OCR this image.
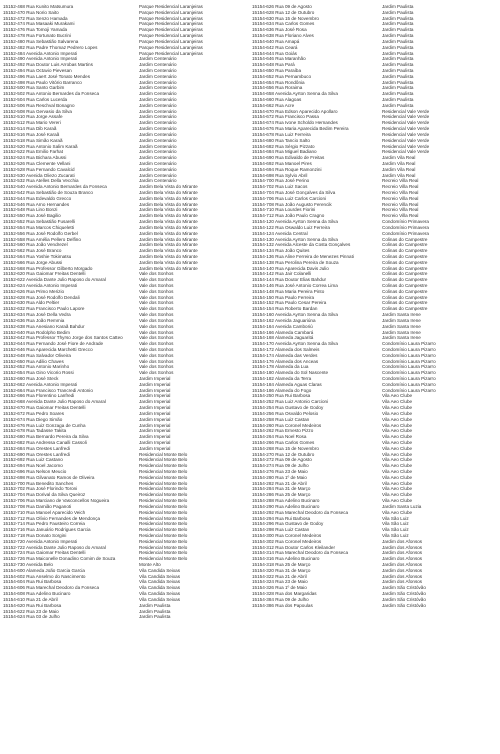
15152-468 Rua Kunito Matsumura	Parque Residencial Laranjeiras
15152-470 Rua Norio Saito	Parque Residencial Laranjeiras
15152-472 Rua Senzo Hamada	Parque Residencial Laranjeiras
15152-474 Rua Masaaki Murakami	Parque Residencial Laranjeiras
15152-476 Rua Tomoji Yamada	Parque Residencial Laranjeiras
15152-478 Rua Fortunato Bucrini	Parque Residencial Laranjeiras
15152-480 Rua Sebastião Salvarena	Parque Residencial Laranjeiras
15152-482 Rua Padre Thomaz Pedrero Lopes	Parque Residencial Laranjeiras
15152-484 Avenida Antonio Imperati	Parque Residencial Laranjeiras
15152-490 Avenida Antonio Imperati	Jardim Centenário
15152-492 Rua Doutor Luis Arrobas Martins	Jardim Centenário
15152-494 Rua Octavio Pievesan	Jardim Centenário
15152-496 Rua Laert José Tonato Mendes	Jardim Centenário
15152-498 Rua Paulo Vitório Barranco	Jardim Centenário
15152-500 Rua Santo Garbim	Jardim Centenário
15152-502 Rua Antonio Bernardes da Fonseca	Jardim Centenário
15152-504 Rua Carlos Lucerda	Jardim Centenário
15152-506 Rua Reschval Bonagno	Jardim Centenário
15152-508 Rua Gervasio da Silva	Jardim Centenário
15152-510 Rua Jorge Assafe	Jardim Centenário
15152-512 Rua Mario Vereri	Jardim Centenário
15152-514 Rua Dib Karaã	Jardim Centenário
15152-516 Rua José Karaã	Jardim Centenário
15152-518 Rua Simão Karaã	Jardim Centenário
15152-520 Rua Antonio Salim Karaã	Jardim Centenário
15152-522 Rua Emilio Farhat	Jardim Centenário
15152-524 Rua Bichara Abussi	Jardim Centenário
15152-526 Rua Clemente Vellani	Jardim Centenário
15152-528 Rua Fernando Cavalcid	Jardim Centenário
15152-530 Avenida Oliezo Zucarati	Jardim Centenário
15152-532 Rua Atelles Della Vecchia	Jardim Centenário
15152-540 Avenida Antonio Bernardes da Fonseca	Jardim Bela Vista do Mirante
15152-542 Rua Sebastião de Souza Branco	Jardim Bela Vista do Mirante
15152-544 Rua Edevaldo Grecco	Jardim Bela Vista do Mirante
15152-546 Rua Arno Hernandes	Jardim Bela Vista do Mirante
15152-548 Rua Lino Bonzi	Jardim Bela Vista do Mirante
15152-550 Rua José Bagilio	Jardim Bela Vista do Mirante
15152-552 Rua Sebastião Fusarelli	Jardim Bela Vista do Mirante
15152-554 Rua Marcos Chiqueletti	Jardim Bela Vista do Mirante
15152-556 Rua José Rodolfo Gerbel	Jardim Bela Vista do Mirante
15152-558 Rua Amélia Pellero Delfino	Jardim Bela Vista do Mirante
15152-560 Rua João Vendrezel	Jardim Bela Vista do Mirante
15152-562 Rua José Branco	Jardim Bela Vista do Mirante
15152-564 Rua Yoshie Tokimatsu	Jardim Bela Vista do Mirante
15152-566 Rua Jorge Abussi	Jardim Bela Vista do Mirante
15152-568 Rua Professor Gilberto Morgado	Jardim Bela Vista do Mirante
15152-620 Rua Gaiomar Freitas Dentelli	Vale dos Sonhos
15152-622 Avenida Dante Julio Raposo do Amaral	Vale dos Sonhos
15152-624 Avenida Antonio Imperati	Vale dos Sonhos
15152-626 Rua Primo Merizio	Vale dos Sonhos
15152-628 Rua José Rodolfo Dendali	Vale dos Sonhos
15152-630 Rua Aldo Peltier	Vale dos Sonhos
15152-632 Rua Francisco Paulo Lapore	Vale dos Sonhos
15152-634 Rua José Della Vedra	Vale dos Sonhos
15152-636 Rua João Remmia	Vale dos Sonhos
15152-638 Rua Anesiano Karaã Bahdur	Vale dos Sonhos
15152-640 Rua Rodolpho Bedim	Vale dos Sonhos
15152-642 Rua Professor Thyrso Jorge dos Santos Catteo	Vale dos Sonhos
15152-644 Rua Fernando José Fiore de Andrade	Vale dos Sonhos
15152-646 Rua Aparecida Marchetti Grecco	Vale dos Sonhos
15152-648 Rua Salvador Oliveira	Vale dos Sonhos
15152-650 Rua Adilio Chaves	Vale dos Sonhos
15152-652 Rua Antonio Marinho	Vale dos Sonhos
15152-654 Rua Gino Vicorio Rossi	Vale dos Sonhos
15152-660 Rua José Steck	Jardim Imperial
15152-662 Avenida Antonio Imperati	Jardim Imperial
15152-664 Rua Francisco Trancredi Antonio	Jardim Imperial
15152-666 Rua Florentino Lanfredi	Jardim Imperial
15152-668 Avenida Dante Julio Raposo do Amaral	Jardim Imperial
15152-670 Rua Gaiomar Freitas Dentelli	Jardim Imperial
15152-672 Rua Pedro Soares	Jardim Imperial
15152-674 Rua Diego Simão	Jardim Imperial
15152-676 Rua Luiz Gonzaga de Cunha	Jardim Imperial
15152-678 Rua Tadasse Takita	Jardim Imperial
15152-680 Rua Bernardo Pereira da Silva	Jardim Imperial
15152-682 Rua Andressa Canalli Cassoli	Jardim Imperial
15152-684 Rua Orestes Lanfredi	Jardim Imperial
15152-690 Rua Orestes Lanfredi	Residencial Monte Belo
15152-692 Rua Luiz Castano	Residencial Monte Belo
15152-694 Rua Noel Jacomo	Residencial Monte Belo
15152-696 Rua Nelson Meucio	Residencial Monte Belo
15152-698 Rua Gilvanato Ramos de Oliveira	Residencial Monte Belo
15152-700 Rua Benedito Sanches	Residencial Monte Belo
15152-702 Rua José Florindo Toroni	Residencial Monte Belo
15152-704 Rua Dorival da Silva Queiroz	Residencial Monte Belo
15152-706 Rua Marciano de Vasconcellos Nogueira	Residencial Monte Belo
15152-708 Rua Damião Paganoti	Residencial Monte Belo
15152-710 Rua Manoel Aparecido Veich	Residencial Monte Belo
15152-712 Rua Olívio Fernandes de Mendonça	Residencial Monte Belo
15152-714 Rua Pedro Fausteiro Correia	Residencial Monte Belo
15152-716 Rua Januário Rodrigues Garcia	Residencial Monte Belo
15152-718 Rua Donato Sorgini	Residencial Monte Belo
15152-720 Avenida Antonio Imperati	Residencial Monte Belo
15152-722 Avenida Dante Julio Raposo do Amaral	Residencial Monte Belo
15152-724 Rua Gaiomar Freitas Dentelli	Residencial Monte Belo
15152-726 Rua Maiconelle Donadino Comim de Souza	Residencial Monte Belo
15152-730 Avenida Belo	Monte Alto
15154-600 Alameda João Garcia Garcia	Vila Candida Seixas
15154-602 Rua Anselmo do Nascimento	Vila Candida Seixas
15154-604 Rua Rui Barbosa	Vila Candida Seixas
15154-606 Rua Marechal Deodoro da Fonseca	Vila Candida Seixas
15154-608 Rua Adelino Bucinaro	Vila Candida Seixas
15154-610 Rua 21 de Abril	Vila Candida Seixas
15154-620 Rua Rui Barbosa	Jardim Paulista
15154-622 Rua 23 de Maio	Jardim Paulista
15154-624 Rua 03 de Julho	Jardim Paulista
15154-626 Rua 09 de Agosto	Jardim Paulista
15154-628 Rua 12 de Outubro	Jardim Paulista
15154-630 Rua 15 de Novembro	Jardim Paulista
15154-634 Rua Carlos Gomes	Jardim Paulista
15154-636 Rua José Rosa	Jardim Paulista
15154-638 Rua Floriano Alves	Jardim Paulista
15154-640 Rua Amapá	Jardim Paulista
15154-642 Rua Ceará	Jardim Paulista
15154-644 Rua Goiás	Jardim Paulista
15154-646 Rua Maranhão	Jardim Paulista
15154-648 Rua Pará	Jardim Paulista
15154-650 Rua Paraíba	Jardim Paulista
15154-652 Rua Pernambuco	Jardim Paulista
15154-654 Rua Rondônia	Jardim Paulista
15154-656 Rua Roraima	Jardim Paulista
15154-658 Avenida Ayrton Senna da Silva	Jardim Paulista
15154-660 Rua Alagoas	Jardim Paulista
15154-662 Rua Acre	Jardim Paulista
15154-670 Rua Edson Aparecido Apollaro	Residencial Vale Verde
15154-672 Rua Francisco Passa	Residencial Vale Verde
15154-674 Rua Ivone Scholdo Hernandes	Residencial Vale Verde
15154-676 Rua Maria Aparecida Bedim Pereira	Residencial Vale Verde
15154-678 Rua Luiz Ferreira	Residencial Vale Verde
15154-680 Rua Tancio Salto	Residencial Vale Verde
15154-682 Rua Sérgio Pizzato	Residencial Vale Verde
15154-684 Rua Miguel Badiano	Residencial Vale Verde
15154-690 Rua Edivaldo de Freitas	Jardim Vila Real
15154-692 Rua Manoel Pires	Jardim Vila Real
15154-694 Rua Roque Ramonzini	Jardim Vila Real
15154-698 Rua Sylvio Abril	Jardim Vila Real
15154-700 Rua José Perino	Recreio Villa Real
15154-702 Rua Luiz Sacos	Recreio Villa Real
15154-704 Rua José Gonçalves da Silva	Recreio Villa Real
15154-706 Rua Luiz Carlos Carcioni	Recreio Villa Real
15154-708 Rua João Augusto Ferencik	Recreio Villa Real
15154-710 Rua Lourdes Fiorini	Recreio Villa Real
15154-712 Rua João Paulo Cragno	Recreio Villa Real
15154-120 Avenida Ayrton Senna da Silva	Condomínio Primavera
15154-122 Rua Oswaldo Luiz Ferreira	Condomínio Primavera
15154-124 Avenida Central	Condomínio Primavera
15154-130 Avenida Ayrton Senna da Silva	Colinas do Campestre
15154-132 Avenida Alceste da Costa Gonçalves	Colinas do Campestre
15154-134 Rua João Quites	Colinas do Campestre
15154-136 Rua Aline Ferreira de Menezes Pinnati	Colinas do Campestre
15154-138 Rua Perolina Pereira de Souza	Colinas do Campestre
15154-140 Rua Aparecida Davis Julio	Colinas do Campestre
15154-142 Rua Jair Colanelli	Colinas do Campestre
15154-144 Rua Doutor Elias Bahdur	Colinas do Campestre
15154-146 Rua José Antonio Correa Lima	Colinas do Campestre
15154-148 Rua Maria Pereira Pinto	Colinas do Campestre
15154-150 Rua Paulo Ferreira	Colinas do Campestre
15154-152 Rua Paulo Cesar Pereira	Colinas do Campestre
15154-154 Rua Roberto Bardan	Colinas do Campestre
15154-160 Avenida Ayrton Senna da Silva	Jardim Santa Irene
15154-162 Avenida Jaguariúna	Jardim Santa Irene
15154-164 Avenida Camboriú	Jardim Santa Irene
15154-166 Alameda Cambará	Jardim Santa Irene
15154-168 Alameda Jaguaritá	Jardim Santa Irene
15154-170 Avenida Ayrton Senna da Silva	Condomínio Laura Pizarro
15154-172 Alameda dos Salmeis	Condomínio Laura Pizarro
15154-174 Alameda das Verdes	Condomínio Laura Pizarro
15154-176 Alameda dos Anceas	Condomínio Laura Pizarro
15154-178 Alameda da Lua	Condomínio Laura Pizarro
15154-180 Alameda do Sol Nascente	Condomínio Laura Pizarro
15154-182 Alameda da Terra	Condomínio Laura Pizarro
15154-184 Alameda Aguas Claras	Condomínio Laura Pizarro
15154-186 Alameda do Fogo	Condomínio Laura Pizarro
15154-250 Rua Rui Barbosa	Vila Aeo Clube
15154-252 Rua Luiz Antonio Carcioni	Vila Aeo Clube
15154-254 Rua Gustavo de Godoy	Vila Aeo Clube
15154-256 Rua Osvaldo Pelosio	Vila Aeo Clube
15154-258 Rua Luiz Castan	Vila Aeo Clube
15154-260 Rua Coronel Medeiros	Vila Aeo Clube
15154-262 Rua Ernesto Pizzo	Vila Aeo Clube
15154-264 Rua Noel Rosa	Vila Aeo Clube
15154-266 Rua Carlos Gomes	Vila Aeo Clube
15154-268 Rua 15 de Novembro	Vila Aeo Clube
15154-270 Rua 12 de Outubro	Vila Aeo Clube
15154-272 Rua 09 de Agosto	Vila Aeo Clube
15154-274 Rua 09 de Julho	Vila Aeo Clube
15154-276 Rua 23 de Maio	Vila Aeo Clube
15154-280 Rua 1º de Maio	Vila Aeo Clube
15154-282 Rua 21 de Abril	Vila Aeo Clube
15154-284 Rua 31 de Março	Vila Aeo Clube
15154-286 Rua 25 de Março	Vila Aeo Clube
15154-288 Rua Adelino Bucinaro	Vila Aeo Clube
15154-290 Rua Adelino Bucinaro	Jardim Santa Luzia
15154-292 Rua Marechal Deodoro da Fonseca	Vila Aeo Clube
15154-294 Rua Rui Barbosa	Vila São Luiz
15154-296 Rua Gustavo de Godoy	Vila São Luiz
15154-298 Rua Luiz Castan	Vila São Luiz
15154-300 Rua Coronel Medeiros	Vila São Luiz
15154-302 Rua Coronel Medeiros	Jardim dos Afonsos
15154-312 Rua Doutor Carlos Kleilander	Jardim dos Afonsos
15154-314 Rua Marechal Deodoro da Fonseca	Jardim dos Afonsos
15154-316 Rua Adelino Bucinaro	Jardim dos Afonsos
15154-318 Rua 25 de Março	Jardim dos Afonsos
15154-320 Rua 31 de Março	Jardim dos Afonsos
15154-322 Rua 21 de Abril	Jardim dos Afonsos
15154-324 Rua 23 de Maio	Jardim dos Afonsos
15154-326 Rua 1º de Maio	Jardim São Cristóvão
15154-328 Rua dos Margaridas	Jardim São Cristóvão
15154-384 Rua 09 de Julho	Jardim São Cristóvão
15154-386 Rua dos Papoulas	Jardim São Cristóvão
